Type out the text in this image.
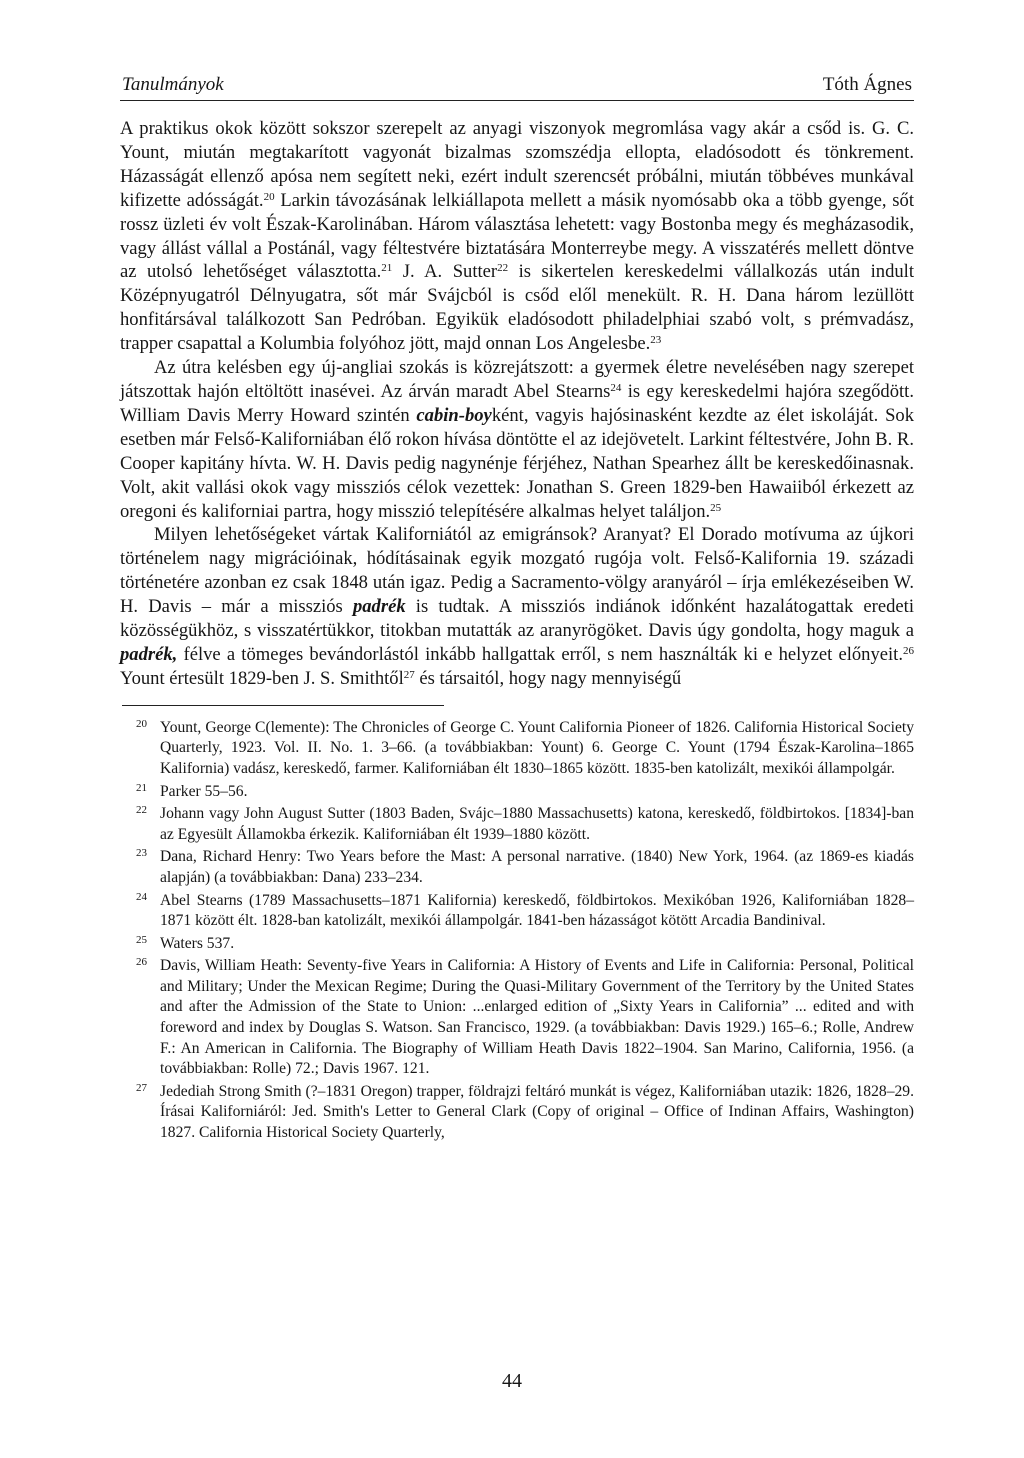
Tanulmányok	Tóth Ágnes

A praktikus okok között sokszor szerepelt az anyagi viszonyok megromlása vagy akár a csőd is. G. C. Yount, miután megtakarított vagyonát bizalmas szomszédja ellopta, eladósodott és tönkrement. Házasságát ellenző apósa nem segített neki, ezért indult szerencsét próbálni, miután többéves munkával kifizette adósságát.$^{20}$ Larkin távozásának lelkiállapota mellett a másik nyomósabb oka a több gyenge, sőt rossz üzleti év volt Észak-Karolinában. Három választása lehetett: vagy Bostonba megy és megházasodik, vagy állást vállal a Postánál, vagy féltestvére biztatására Monterreybe megy. A visszatérés mellett döntve az utolsó lehetőséget választotta.$^{21}$ J. A. Sutter$^{22}$ is sikertelen kereskedelmi vállalkozás után indult Középnyugatról Délnyugatra, sőt már Svájcból is csőd elől menekült. R. H. Dana három lezüllött honfitársával találkozott San Pedróban. Egyikük eladósodott philadelphiai szabó volt, s prémvadász, trapper csapattal a Kolumbia folyóhoz jött, majd onnan Los Angelesbe.$^{23}$

Az útra kelésben egy új-angliai szokás is közrejátszott: a gyermek életre nevelésében nagy szerepet játszottak hajón eltöltött inasévei. Az árván maradt Abel Stearns$^{24}$ is egy kereskedelmi hajóra szegődött. William Davis Merry Howard szintén cabin-boyként, vagyis hajósinasként kezdte az élet iskoláját. Sok esetben már Felső-Kaliforniában élő rokon hívása döntötte el az idejövetelt. Larkint féltestvére, John B. R. Cooper kapitány hívta. W. H. Davis pedig nagynénje férjéhez, Nathan Spearhez állt be kereskedőinasnak. Volt, akit vallási okok vagy missziós célok vezettek: Jonathan S. Green 1829-ben Hawaiiból érkezett az oregoni és kaliforniai partra, hogy misszió telepítésére alkalmas helyet találjon.$^{25}$

Milyen lehetőségeket vártak Kaliforniától az emigránsok? Aranyat? El Dorado motívuma az újkori történelem nagy migrációinak, hódításainak egyik mozgató rugója volt. Felső-Kalifornia 19. századi történetére azonban ez csak 1848 után igaz. Pedig a Sacramento-völgy aranyáról – írja emlékezéseiben W. H. Davis – már a missziós padrék is tudtak. A missziós indiánok időnként hazalátogattak eredeti közösségükhöz, s visszatértükkor, titokban mutatták az aranyrögöket. Davis úgy gondolta, hogy maguk a padrék, félve a tömeges bevándorlástól inkább hallgattak erről, s nem használták ki e helyzet előnyeit.$^{26}$ Yount értesült 1829-ben J. S. Smithtől$^{27}$ és társaitól, hogy nagy mennyiségű

20 Yount, George C(lemente): The Chronicles of George C. Yount California Pioneer of 1826. California Historical Society Quarterly, 1923. Vol. II. No. 1. 3–66. (a továbbiakban: Yount) 6. George C. Yount (1794 Észak-Karolina–1865 Kalifornia) vadász, kereskedő, farmer. Kaliforniában élt 1830–1865 között. 1835-ben katolizált, mexikói állampolgár.
21 Parker 55–56.
22 Johann vagy John August Sutter (1803 Baden, Svájc–1880 Massachusetts) katona, kereskedő, földbirtokos. [1834]-ban az Egyesült Államokba érkezik. Kaliforniában élt 1939–1880 között.
23 Dana, Richard Henry: Two Years before the Mast: A personal narrative. (1840) New York, 1964. (az 1869-es kiadás alapján) (a továbbiakban: Dana) 233–234.
24 Abel Stearns (1789 Massachusetts–1871 Kalifornia) kereskedő, földbirtokos. Mexikóban 1926, Kaliforniában 1828–1871 között élt. 1828-ban katolizált, mexikói állampolgár. 1841-ben házasságot kötött Arcadia Bandinival.
25 Waters 537.
26 Davis, William Heath: Seventy-five Years in California: A History of Events and Life in California: Personal, Political and Military; Under the Mexican Regime; During the Quasi-Military Government of the Territory by the United States and after the Admission of the State to Union: ...enlarged edition of „Sixty Years in California” ... edited and with foreword and index by Douglas S. Watson. San Francisco, 1929. (a továbbiakban: Davis 1929.) 165–6.; Rolle, Andrew F.: An American in California. The Biography of William Heath Davis 1822–1904. San Marino, California, 1956. (a továbbiakban: Rolle) 72.; Davis 1967. 121.
27 Jedediah Strong Smith (?–1831 Oregon) trapper, földrajzi feltáró munkát is végez, Kaliforniában utazik: 1826, 1828–29. Írásai Kaliforniáról: Jed. Smith's Letter to General Clark (Copy of original – Office of Indinan Affairs, Washington) 1827. California Historical Society Quarterly,
44
